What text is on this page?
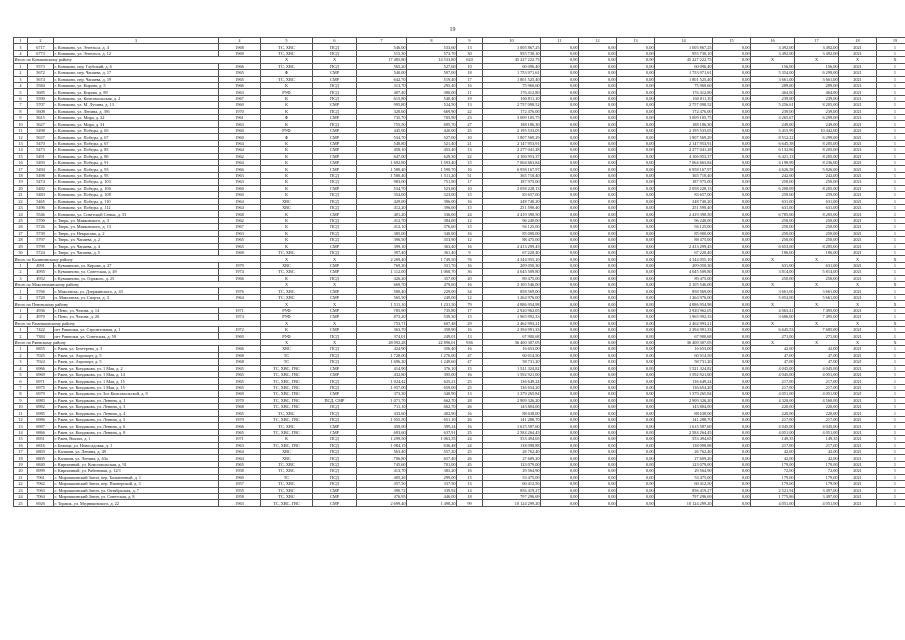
19
1	2	3	4	5	6	7	8	9	10	11	12	13	14	15	16	17	18	19
3	6717	г. Конаково, ул. Энгельса, д. 4	1968	ТС, ХВС	ПСД	546,00	533,60	13	1 005 867,25	0,00	0,00	0,00	1 005 867,25	0,00	3 492,00	3 492,00	2021	1
4	6773	г. Конаково, ул. Энгельса, д. 12	1969	ТС, ХВС	ПСД	515,30	573,70	30	955 730,10	0,00	0,00	0,00	955 730,10	0,00	3 492,00	3 492,00	2021	1
Итого по Конаковскому району				X	X	17 485,80	14 533,80	620	45 227 222,75	0,00	0,00	0,00	45 227 222,75	0,00	X	X	X	X
1	5573	г. Конаково, пер. Глубокий, д. 6	1966	ТС, ХВС	ПСД	565,20	527,60	10	60 096,40	0,00	0,00	0,00	60 096,40	0,00	156,00	156,00	2021	1
2	5672	г. Конаково, пер. Чапаева, д. 17	1965	Ф	СМР	540,00	507,00	18	1 753 971,61	0,00	0,00	0,00	1 753 971,61	0,00	5 354,00	6 299,00	2021	1
3	5674	г. Конаково, пер. Чапаева, д. 19	1965	ТС, ХВС	СМР	642,70	519,40	17	1 801 525,40	0,00	0,00	0,00	1 801 525,40	0,00	3 661,00	3 661,00	2021	1
4	5584	г. Конаково, ул. Кирова, д. 5	1966	К	ПСД	313,70	295,40	16	75 960,60	0,00	0,00	0,00	75 960,60	0,00	289,00	289,00	2021	1
5	5685	г. Конаково, ул. Кирова, д. 89	1963	РУФ	ПСД	407,40	380,00	11	176 412,80	0,00	0,00	0,00	176 412,80	0,00	464,00	464,00	2021	1
6	5590	г. Конаково, ул. Комсомольская, д. 2	1967	К	ПСД	615,80	540,40	19	160 811,10	0,00	0,00	0,00	160 811,10	0,00	239,00	239,00	2021	1
7	5707	г. Конаково, ул. М. Лучина, д. 13	1960	К	СМР	995,80	524,50	13	2 757 098,52	0,00	0,00	0,00	2 757 098,52	0,00	5 256,61	8 205,00	2021	1
8	5608	г. Конаково, ул. Ленина, д. 391	1970	К	ПСД	320,60	669,90	22	172 476,00	0,00	0,00	0,00	172 476,00	0,00	239,00	239,00	2021	1
9	5615	г. Конаково, ул. Мира, д. 22	1961	Ф	СМР	735,70	705,90	23	3 009 105,75	0,00	0,00	0,00	3 009 105,75	0,00	4 265,67	6 299,00	2021	1
10	5627	г. Конаково, ул. Мира, д. 54	1963	К	ПСД	755,50	695,70	27	188 186,30	0,00	0,00	0,00	188 186,30	0,00	249,00	249,00	2021	1
11	5498	г. Конаково, ул. Победы, д. 65	1960	РУФ	СМР	445,90	420,00	25	2 195 533,05	0,00	0,00	0,00	2 195 533,05	0,00	5 415,99	10 442,00	2021	1
12	5637	г. Конаково, ул. Победы, д. 67	1960	Ф	СМР	534,70	527,00	10	1 807 569,29	0,00	0,00	0,00	1 807 569,29	0,00	8 512,22	6 299,00	2021	1
13	5470	г. Конаково, ул. Победы, д. 67	1964	К	СМР	548,80	521,40	21	2 147 953,91	0,00	0,00	0,00	2 147 953,91	0,00	6 645,38	8 205,00	2021	1
14	5473	г. Конаково, ул. Победы, д. 85	1964	К	СМР	458,10	453,40	13	2 277 041,28	0,00	0,00	0,00	2 277 041,28	0,00	6 132,86	8 205,00	2021	1
15	5491	г. Конаково, ул. Победы, д. 86	1962	К	СМР	647,00	629,30	22	4 106 953,37	0,00	0,00	0,00	4 106 953,37	0,00	6 421,13	8 205,00	2021	1
16	5493	г. Конаково, ул. Победы, д. 91	1964	К	СМР	1 692,80	1 593,40	15	7 064 663,84	0,00	0,00	0,00	7 064 663,84	0,00	4 198,99	8 236,00	2021	1
17	5494	г. Конаково, ул. Победы, д. 93	1966	К	СМР	1 580,40	1 590,70	16	6 958 167,97	0,00	0,00	0,00	6 958 167,97	0,00	4 626,58	5 826,00	2021	1
18	5498	г. Конаково, ул. Победы, д. 95	1963	К	ПСД	1 580,40	1 511,20	51	365 710,40	0,00	0,00	0,00	365 710,40	0,00	242,00	242,00	2021	1
19	5474	г. Конаково, ул. Победы, д. 103	1963	К	ПСД	983,00	751,90	17	187 975,00	0,00	0,00	0,00	187 975,00	0,00	250,00	250,00	2021	1
20	5482	г. Конаково, ул. Победы, д. 106	1960	К	СМР	534,70	523,60	10	2 058 228,13	0,00	0,00	0,00	2 058 228,13	0,00	6 208,09	8 205,00	2021	1
21	5483	г. Конаково, ул. Победы, д. 108	1960	К	ПСД	354,00	323,00	15	83 657,00	0,00	0,00	0,00	83 657,00	0,00	259,00	259,00	2021	1
22	5465	г. Конаково, ул. Победы, д. 110	1964	ХВС	ПСД	429,00	396,00	16	248 740,20	0,00	0,00	0,00	248 740,20	0,00	631,00	631,00	2021	1
23	5496	г. Конаково, ул. Победы, д. 112	1964	ХВС	ПСД	412,20	396,00	15	251 590,40	0,00	0,00	0,00	251 590,40	0,00	631,00	631,00	2021	1
24	5546	г. Конаково, ул. Советской Семьи, д. 53	1968	К	СМР	401,20	336,00	24	2 419 390,50	0,00	0,00	0,00	2 419 390,50	0,00	6 785,00	8 205,00	2021	1
25	5700	г. Тверь, ул. Маяковского, д. 3	1962	К	ПСД	412,70	384,00	12	96 240,00	0,00	0,00	0,00	96 240,00	0,00	250,00	250,00	2021	1
26	5726	г. Тверь, ул. Маяковского, д. 13	1967	К	ПСД	412,10	376,60	15	94 125,00	0,00	0,00	0,00	94 125,00	0,00	250,00	250,00	2021	1
27	5739	г. Тверь, ул. Некрасова, д. 2	1963	К	ПСД	385,00	340,00	16	85 000,00	0,00	0,00	0,00	85 000,00	0,00	250,00	250,00	2021	1
28	5797	г. Тверь, ул. Чапаева, д. 2	1965	К	ПСД	396,50	353,90	12	88 475,00	0,00	0,00	0,00	88 475,00	0,00	250,00	250,00	2021	1
29	5799	г. Тверь, ул. Чапаева, д. 4	1965	К	СМР	399,10	363,40	16	2 413 299,45	0,00	0,00	0,00	2 413 299,45	0,00	6 653,00	8 205,00	2021	1
30	5724	г. Тверь, ул. Чапаева, д. 5	1968	ТС, ХВС	ПСД	397,40	361,40	9	67 220,40	0,00	0,00	0,00	67 220,40	0,00	186,00	186,00	2021	1
Итого по Калининскому району				X	X	2 269,40	1 749,50	76	4 344 055,10	0,00	0,00	0,00	4 344 055,10	0,00	X	X	X	X
1	4991	г. Кувшиново, ул. Кирова, д. 27	1979	ХВС	СМР	769,20	331,70	16	209 050,30	0,00	0,00	0,00	209 050,30	0,00	631,00	631,00	2021	1
2	4995	г. Кувшиново, ул. Советская, д. 49	1974	ТС, ХВС	СМР	1 112,00	1 060,70	36	4 045 509,80	0,00	0,00	0,00	4 045 509,80	0,00	3 814,00	5 814,00	2021	1
3	4952	г. Кувшиново, ул. Горького, д. 25	1966	К	ПСД	426,20	357,00	20	89 475,00	0,00	0,00	0,00	89 475,00	0,00	250,00	250,00	2021	1
Итого по Максатихинскому району				X	X	669,70	479,60	16	2 105 546,00	0,00	0,00	0,00	2 105 546,00	0,00	X	X	X	X
1	5766	г. Максатиха, ул. Дзержинского, д. 43	1976	ТС, ХВС	СМР	580,40	229,00	34	858 569,00	0,00	0,00	0,00	858 569,00	0,00	3 661,00	3 661,00	2021	1
2	5720	п. Максатиха, ул. Спорта, д. 3	1964	ТС, ХВС	СМР	565,50	249,00	12	1 264 976,00	0,00	0,00	0,00	1 264 976,00	0,00	5 054,00	5 661,00	2021	1
Итого по Пеновскому району				X	X	1 511,10	1 231,50	79	4 886 954,98	0,00	0,00	0,00	4 886 954,98	0,00	X	X	X	X
1	4936	г. Пено, ул. Чехова, д. 14	1971	РУФ	СМР	785,90	735,80	17	2 920 962,05	0,00	0,00	0,00	2 920 962,05	0,00	4 063,41	7 495,00	2021	1
2	4970	г. Пено, ул. Чехова, д. 20	1974	РУФ	СМР	872,20	539,30	15	1 965 992,33	0,00	0,00	0,00	1 965 992,33	0,00	3 686,00	7 495,00	2021	1
Итого по Рамешковскому району				X	X	753,71	607,48	29	2 462 993,21	0,00	0,00	0,00	2 462 993,21	0,00	X	X	X	X
1	7422	пгт Рамешки, ул. Строительная, д. 1	1972	К	СМР	363,70	358,90	16	2 394 991,33	0,00	0,00	0,00	2 394 991,33	0,00	6 645,53	7 685,00	2021	1
2	7384	пгт Рамешки, ул. Советская, д. 59	1969	РУФ	ПСД	374,01	249,01	13	67 900,68	0,00	0,00	0,00	67 900,68	0,00	271,00	271,00	2021	1
Итого по Ржевскому району				X	X	28 092,28	22 896,01	936	36 400 307,05	0,00	0,00	0,00	36 400 307,05	0,00	X	X	X	X
1	6855	г. Ржев, ул. Бехтерева, д. 3	1966	ХВС	ПСД	424,90	356,40	16	16 653,00	0,00	0,00	0,00	16 653,00	0,00	42,00	42,00	2021	1
2	7025	г. Ржев, ул. Аэропорт, д. 5	1968	ТС	ПСД	1 728,00	1 276,00	47	60 014,50	0,00	0,00	0,00	60 014,50	0,00	47,00	47,00	2021	1
3	7024	г. Ржев, ул. Аэропорт, д. 5	1968	ТС	ПСД	1 696,20	1 249,60	47	58 731,20	0,00	0,00	0,00	58 731,20	0,00	47,00	47,00	2021	1
4	6966	г. Ржев, ул. Кондакова, ул. 1 Мая, д. 2	1965	ТС, ХВС, ГВС	СМР	414,90	376,10	15	1 521 324,82	0,00	0,00	0,00	1 521 324,82	0,00	4 045,00	4 045,00	2021	1
5	6969	г. Ржев, ул. Кондакова, ул. 1 Мая, д. 14	1965	ТС, ХВС, ГВС	СМР	432,80	395,00	16	1 592 921,00	0,00	0,00	0,00	1 592 921,00	0,00	4 045,00	4 051,00	2021	1
6	6971	г. Ржев, ул. Кондакова, ул. 1 Мая, д. 15	1965	ТС, ХВС, ГВС	ПСД	1 024,42	625,21	25	136 649,24	0,00	0,00	0,00	136 649,24	0,00	217,00	217,00	2021	1
7	6975	г. Ржев, ул. Кондакова, ул. 1 Мая, д. 15	1965	ТС, ХВС, ГВС	ПСД	1 057,00	659,00	25	136 654,20	0,00	0,00	0,00	136 654,20	0,00	217,00	217,00	2021	1
8	6979	г. Ржев, ул. Кондакова, ул. Зол Комсомольской, д. 8	1969	ТС, ХВС, ГВС	СМР	373,30	340,90	13	1 379 265,84	0,00	0,00	0,00	1 379 265,84	0,00	4 051,00	4 051,00	2021	1
9	6983	г. Ржев, ул. Кондакова, ул. Ленина, д. 1	1970	ТС, ХВС, ГВС	ПСД, СМР	1 071,70	662,70	28	2 909 326,20	0,00	0,00	0,00	2 909 326,20	0,00	4 320,00	4 560,00	2021	1
10	6982	г. Ржев, ул. Кондакова, ул. Ленина, д. 3	1968	ТС, ХВС, ГВС	ПСД	711,10	662,70	26	143 804,00	0,00	0,00	0,00	143 804,00	0,00	220,00	220,00	2021	1
11	6985	г. Ржев, ул. Кондакова, ул. Ленина, д. 4	1965	ТС, ХВС	ПСД	433,60	402,90	16	88 638,00	0,00	0,00	0,00	88 638,00	0,00	220,00	220,00	2021	1
12	6986	г. Ржев, ул. Кондакова, ул. Ленина, д. 5	1970	ТС, ХВС, ГВС	ПСД	1 055,50	651,10	26	141 288,70	0,00	0,00	0,00	141 288,70	0,00	217,00	217,00	2021	1
13	6987	г. Ржев, ул. Кондакова, ул. Ленина, д. 6	1966	ТС, ХВС	СМР	458,00	399,24	16	1 615 587,60	0,00	0,00	0,00	1 615 587,60	0,00	4 045,00	4 045,00	2021	1
14	6866	г. Ржев, ул. Кондакова, ул. Ленина, д. 8	1965	ТС, ХВС, ГВС	СМР	693,60	637,91	25	2 584 264,45	0,00	0,00	0,00	2 584 264,45	0,00	4 051,00	4 051,00	2021	1
15	6951	г. Ржев, Вокзал, д. 1	1971	К	ПСД	1 299,50	1 063,55	24	553 494,65	0,00	0,00	0,00	553 494,65	0,00	149,35	149,35	2021	1
16	6816	г. Бежецк, ул. Новосадовая, д. 1	1963	ТС, ХВС, ГВС	ПСД	1 084,15	636,48	24	138 098,88	0,00	0,00	0,00	138 098,88	0,00	217,00	217,00	2021	1
17	6803	г. Калязин, ул. Ленина, д. 49	1964	ХВС	ПСД	563,40	557,20	25	26 762,40	0,00	0,00	0,00	26 762,40	0,00	42,00	42,00	2021	1
18	6805	г. Калязин, ул. Ленина, д. 63а	1964	ХВС	ПСД	706,80	657,40	26	27 609,20	0,00	0,00	0,00	27 609,20	0,00	42,00	42,00	2021	1
19	6840	г. Кирпичный, ул. Комсомольская, д. 91	1965	ТС, ХВС	ПСД	745,60	701,00	45	123 079,00	0,00	0,00	0,00	123 079,00	0,00	179,00	179,00	2021	1
20	6999	г. Кирпичный, ул. Рябиновая, д. 12/1	1958	ТС, ХВС	ПСД	413,70	383,20	16	29 564,90	0,00	0,00	0,00	29 564,90	0,00	72,00	72,00	2021	1
21	7061	с. Мирошкинский Затон, пер. Больничный, д. 1	1960	ТС	ПСД	405,26	299,00	15	53 475,00	0,00	0,00	0,00	53 475,00	0,00	179,00	179,00	2021	1
22	7062	с. Мирошкинский Затон, пер. Пионерский, д. 3	1957	ТС, ХВС	ПСД	357,50	337,50	13	60 412,50	0,00	0,00	0,00	60 412,50	0,00	179,00	179,00	2021	1
23	7063	с. Мирошкинский Затон, ул. Октябрьская, д. 7	1955	ТС, ХВС	СМР	390,72	339,92	14	856 419,27	0,00	0,00	0,00	856 419,27	0,00	2 521,94	3 497,00	2021	1
24	7064	с. Мирошкинский Затон, ул. Советская, д. 8	1958	ТС, ХВС	СМР	476,95	446,00	18	797 296,69	0,00	0,00	0,00	797 296,69	0,00	1 775,86	3 497,00	2021	1
25	6926	г. Торжок, ул. Медниковского, д. 22	1963	ТС, ХВС, ГВС	СМР	2 699,40	1 498,20	99	10 124 299,20	0,00	0,00	0,00	10 124 299,20	0,00	4 051,00	4 051,00	2021	1
